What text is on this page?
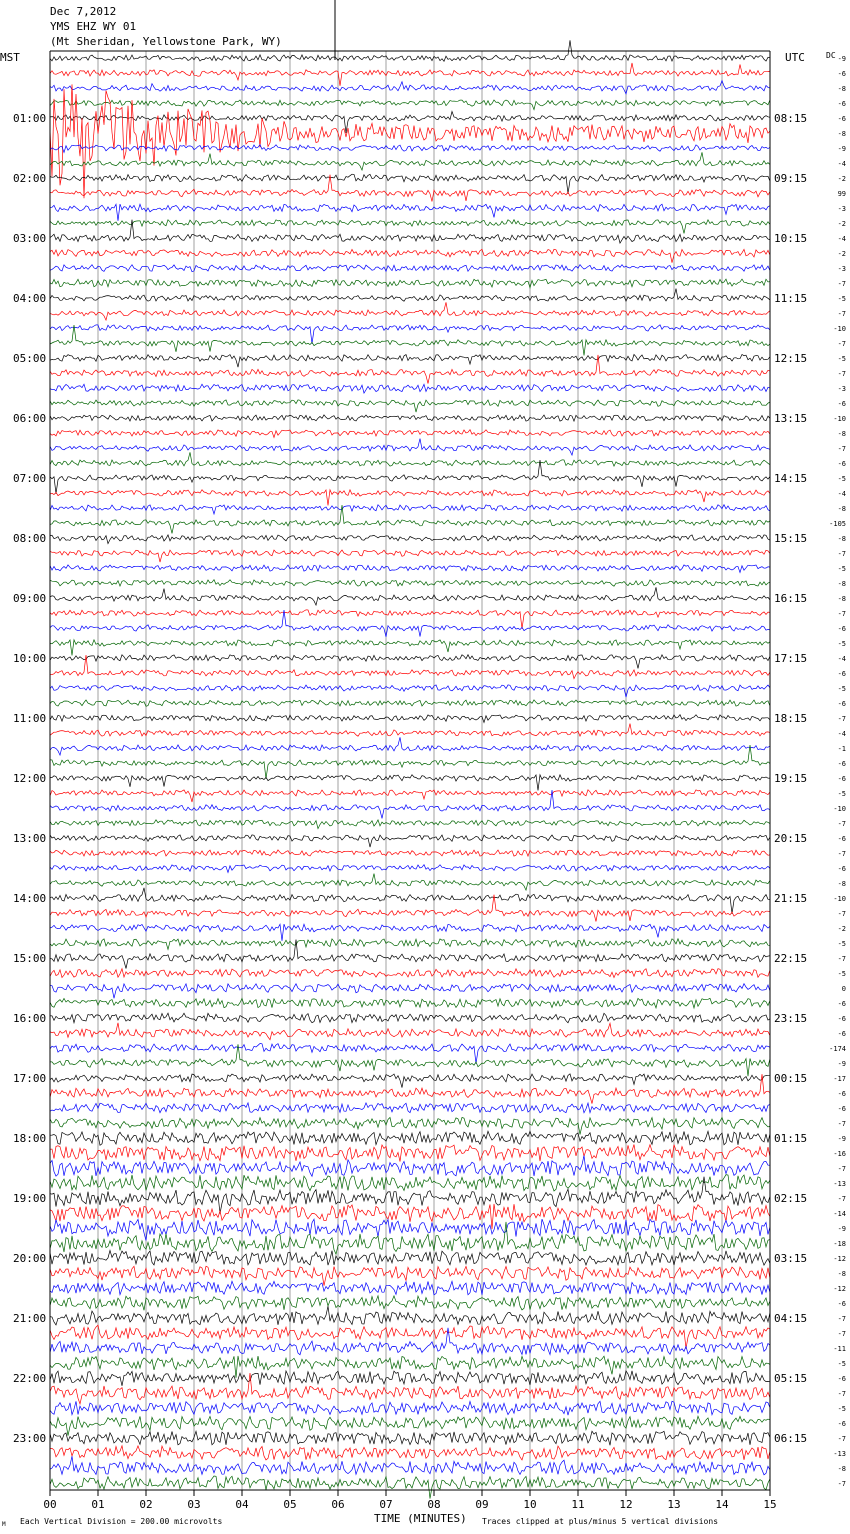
Dec 7,2012
YMS EHZ WY 01
(Mt Sheridan, Yellowstone Park, WY)
00	01	02	03	04	05	06	07	08	09	10	11	12	13	14	15
-9
-6
-8
-6
-6
-8
-9
-4
-2
99
-3
-2
-4
-2
-3
-7
-5
-7
-10
-7
-5
-7
-3
-6
-10
-8
-7
-6
-5
-4
-8
-105
-8
-7
-5
-8
-8
-7
-6
-5
-4
-6
-5
-6
-7
-4
-1
-6
-6
-5
-10
-7
-6
-7
-6
-8
-10
-7
-2
-5
-7
-5
0
-6
-6
-6
-174
-9
-17
-6
-6
-7
-9
-16
-7
-13
-7
-14
-9
-18
-12
-8
-12
-6
-7
-7
-11
-5
-6
-7
-5
-6
-7
-13
-8
-7
01:00	08:15
02:00	09:15
03:00	10:15
04:00	11:15
05:00	12:15
06:00	13:15
07:00	14:15
08:00	15:15
09:00	16:15
10:00	17:15
11:00	18:15
12:00	19:15
13:00	20:15
14:00	21:15
15:00	22:15
16:00	23:15
17:00	00:15
18:00	01:15
19:00	02:15
20:00	03:15
21:00	04:15
22:00	05:15
23:00	06:15
MST	UTC	DC
Each Vertical Division = 200.00 microvolts	TIME (MINUTES) Traces clipped at plus/minus 5 vertical divisions
M
